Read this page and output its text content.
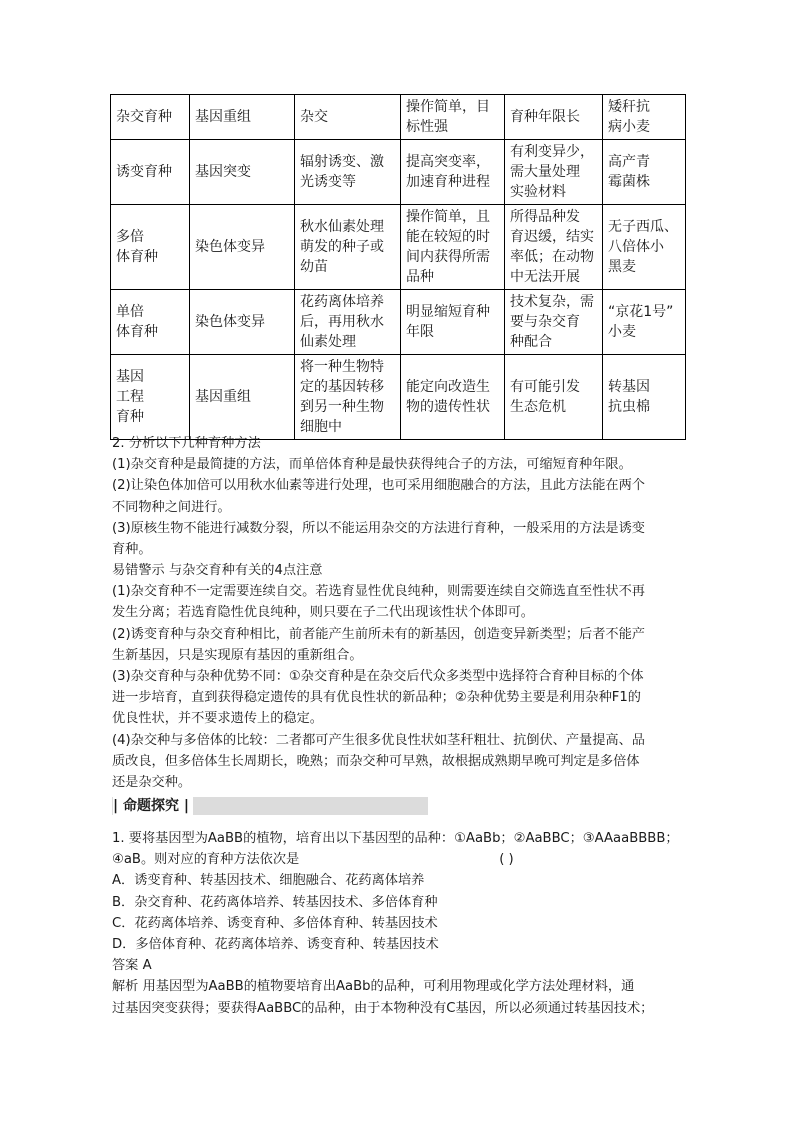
杂交育种	基因重组	杂交	操作简单，目
标性强	育种年限长	矮秆抗
病小麦

诱变育种	基因突变	辐射诱变、激
光诱变等	提高突变率，
加速育种进程	有利变异少，
需大量处理
实验材料	高产青
霉菌株

多倍
体育种	染色体变异	秋水仙素处理
萌发的种子或
幼苗	操作简单，且
能在较短的时
间内获得所需
品种	所得品种发
育迟缓，结实
率低；在动物
中无法开展	无子西瓜、
八倍体小
黑麦

单倍
体育种	染色体变异	花药离体培养
后，再用秋水
仙素处理	明显缩短育种
年限	技术复杂，需
要与杂交育
种配合	“京花1号”
小麦

基因
工程
育种	基因重组	将一种生物特
定的基因转移
到另一种生物
细胞中	能定向改造生
物的遗传性状	有可能引发
生态危机	转基因
抗虫棉
2. 分析以下几种育种方法
(1)杂交育种是最简捷的方法，而单倍体育种是最快获得纯合子的方法，可缩短育种年限。
(2)让染色体加倍可以用秋水仙素等进行处理，也可采用细胞融合的方法，且此方法能在两个
不同物种之间进行。
(3)原核生物不能进行减数分裂，所以不能运用杂交的方法进行育种，一般采用的方法是诱变
育种。
易错警示 与杂交育种有关的4点注意
(1)杂交育种不一定需要连续自交。若选育显性优良纯种，则需要连续自交筛选直至性状不再
发生分离；若选育隐性优良纯种，则只要在子二代出现该性状个体即可。
(2)诱变育种与杂交育种相比，前者能产生前所未有的新基因，创造变异新类型；后者不能产
生新基因，只是实现原有基因的重新组合。
(3)杂交育种与杂种优势不同：①杂交育种是在杂交后代众多类型中选择符合育种目标的个体
进一步培育，直到获得稳定遗传的具有优良性状的新品种；②杂种优势主要是利用杂种F1的
优良性状，并不要求遗传上的稳定。
(4)杂交种与多倍体的比较：二者都可产生很多优良性状如茎秆粗壮、抗倒伏、产量提高、品
质改良，但多倍体生长周期长，晚熟；而杂交种可早熟，故根据成熟期早晚可判定是多倍体
还是杂交种。
| 命题探究 |
1. 要将基因型为AaBB的植物，培育出以下基因型的品种：①AaBb；②AaBBC；③AAaaBBBB；
④aB。则对应的育种方法依次是	( )
A．诱变育种、转基因技术、细胞融合、花药离体培养
B．杂交育种、花药离体培养、转基因技术、多倍体育种
C．花药离体培养、诱变育种、多倍体育种、转基因技术
D．多倍体育种、花药离体培养、诱变育种、转基因技术
答案 A
解析 用基因型为AaBB的植物要培育出AaBb的品种，可利用物理或化学方法处理材料，通
过基因突变获得；要获得AaBBC的品种，由于本物种没有C基因，所以必须通过转基因技术；
